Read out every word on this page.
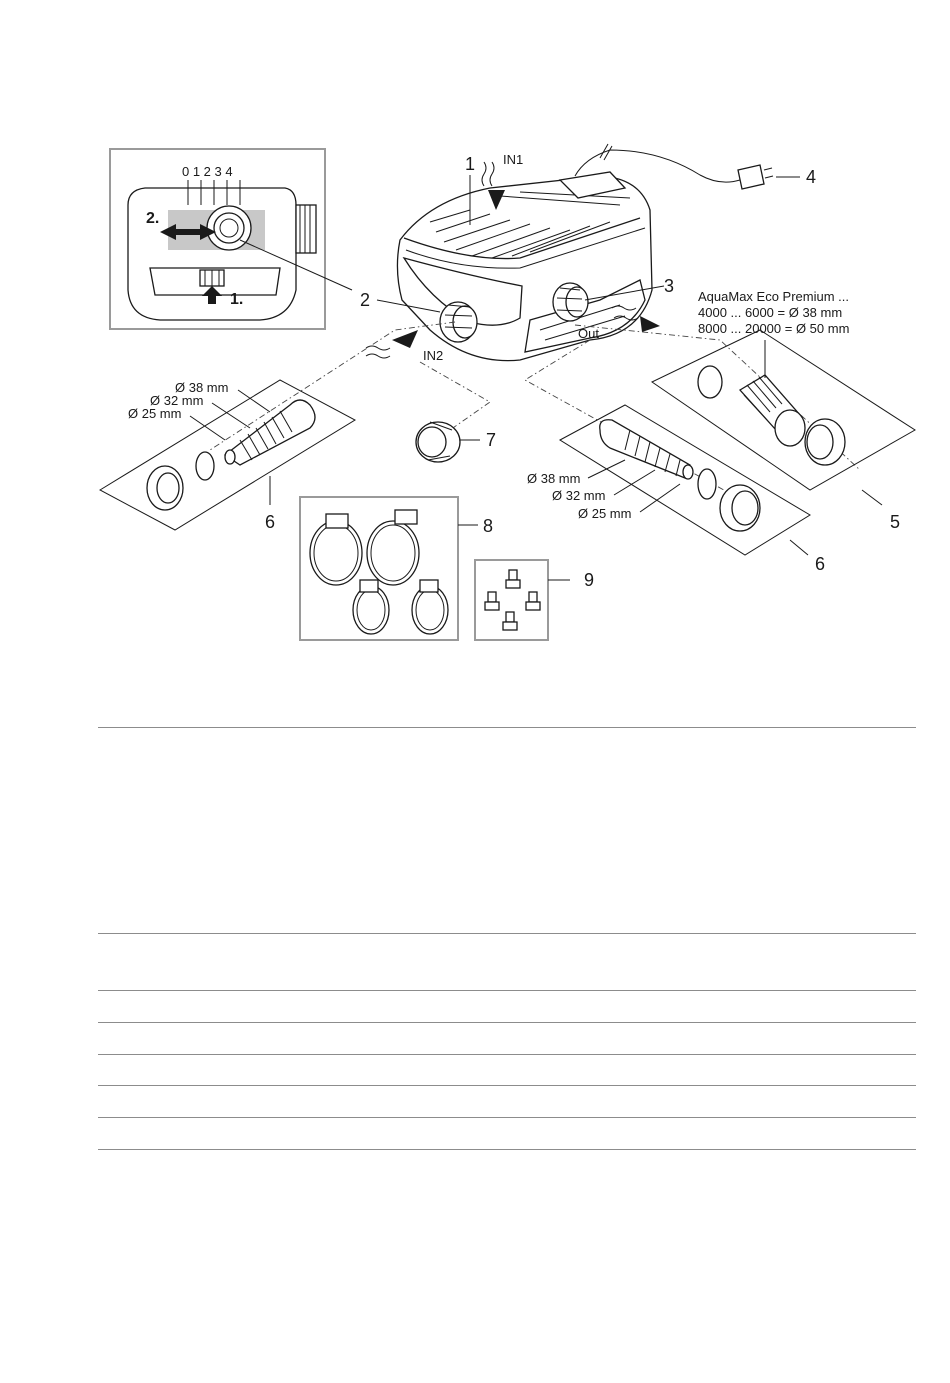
0 1 2 3 4
2.
1.
IN1
IN2
Out
Ø 38 mm
Ø 32 mm
Ø 25 mm
AquaMax Eco Premium ...
4000 ... 6000 = Ø 38 mm
8000 ... 20000 = Ø 50 mm
Ø 38 mm
Ø 32 mm
Ø 25 mm
1
2
3
4
5
6
6
7
8
9
